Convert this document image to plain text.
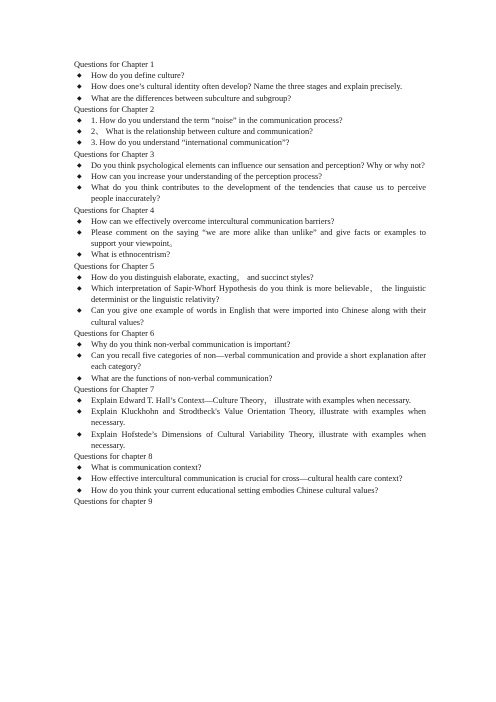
Questions for Chapter 1
◆	How do you define culture?
◆	How does one’s cultural identity often develop? Name the three stages and explain precisely.
◆	What are the differences between subculture and subgroup?
Questions for Chapter 2
◆	1. How do you understand the term “noise” in the communication process?
◆	2、 What is the relationship between culture and communication?
◆	3. How do you understand “international communication”?
Questions for Chapter 3
◆	Do you think psychological elements can influence our sensation and perception? Why or why not?
◆	How can you increase your understanding of the perception process?
◆	What do you think contributes to the development of the tendencies that cause us to perceive people inaccurately?
Questions for Chapter 4
◆	How can we effectively overcome intercultural communication barriers?
◆	Please comment on the saying “we are more alike than unlike” and give facts or examples to support your viewpoint。
◆	What is ethnocentrism?
Questions for Chapter 5
◆	How do you distinguish elaborate, exacting， and succinct styles?
◆	Which interpretation of Sapir-Whorf Hypothesis do you think is more believable， the linguistic determinist or the linguistic relativity?
◆	Can you give one example of words in English that were imported into Chinese along with their cultural values?
Questions for Chapter 6
◆	Why do you think non-verbal communication is important?
◆	Can you recall five categories of non—verbal communication and provide a short explanation after each category?
◆	What are the functions of non-verbal communication?
Questions for Chapter 7
◆	Explain Edward T. Hall’s Context—Culture Theory， illustrate with examples when necessary.
◆	Explain Kluckhohn and Strodtbeck's Value Orientation Theory, illustrate with examples when necessary.
◆	Explain Hofstede’s Dimensions of Cultural Variability Theory, illustrate with examples when necessary.
Questions for chapter 8
◆	What is communication context?
◆	How effective intercultural communication is crucial for cross—cultural health care context?
◆	How do you think your current educational setting embodies Chinese cultural values?
Questions for chapter 9
